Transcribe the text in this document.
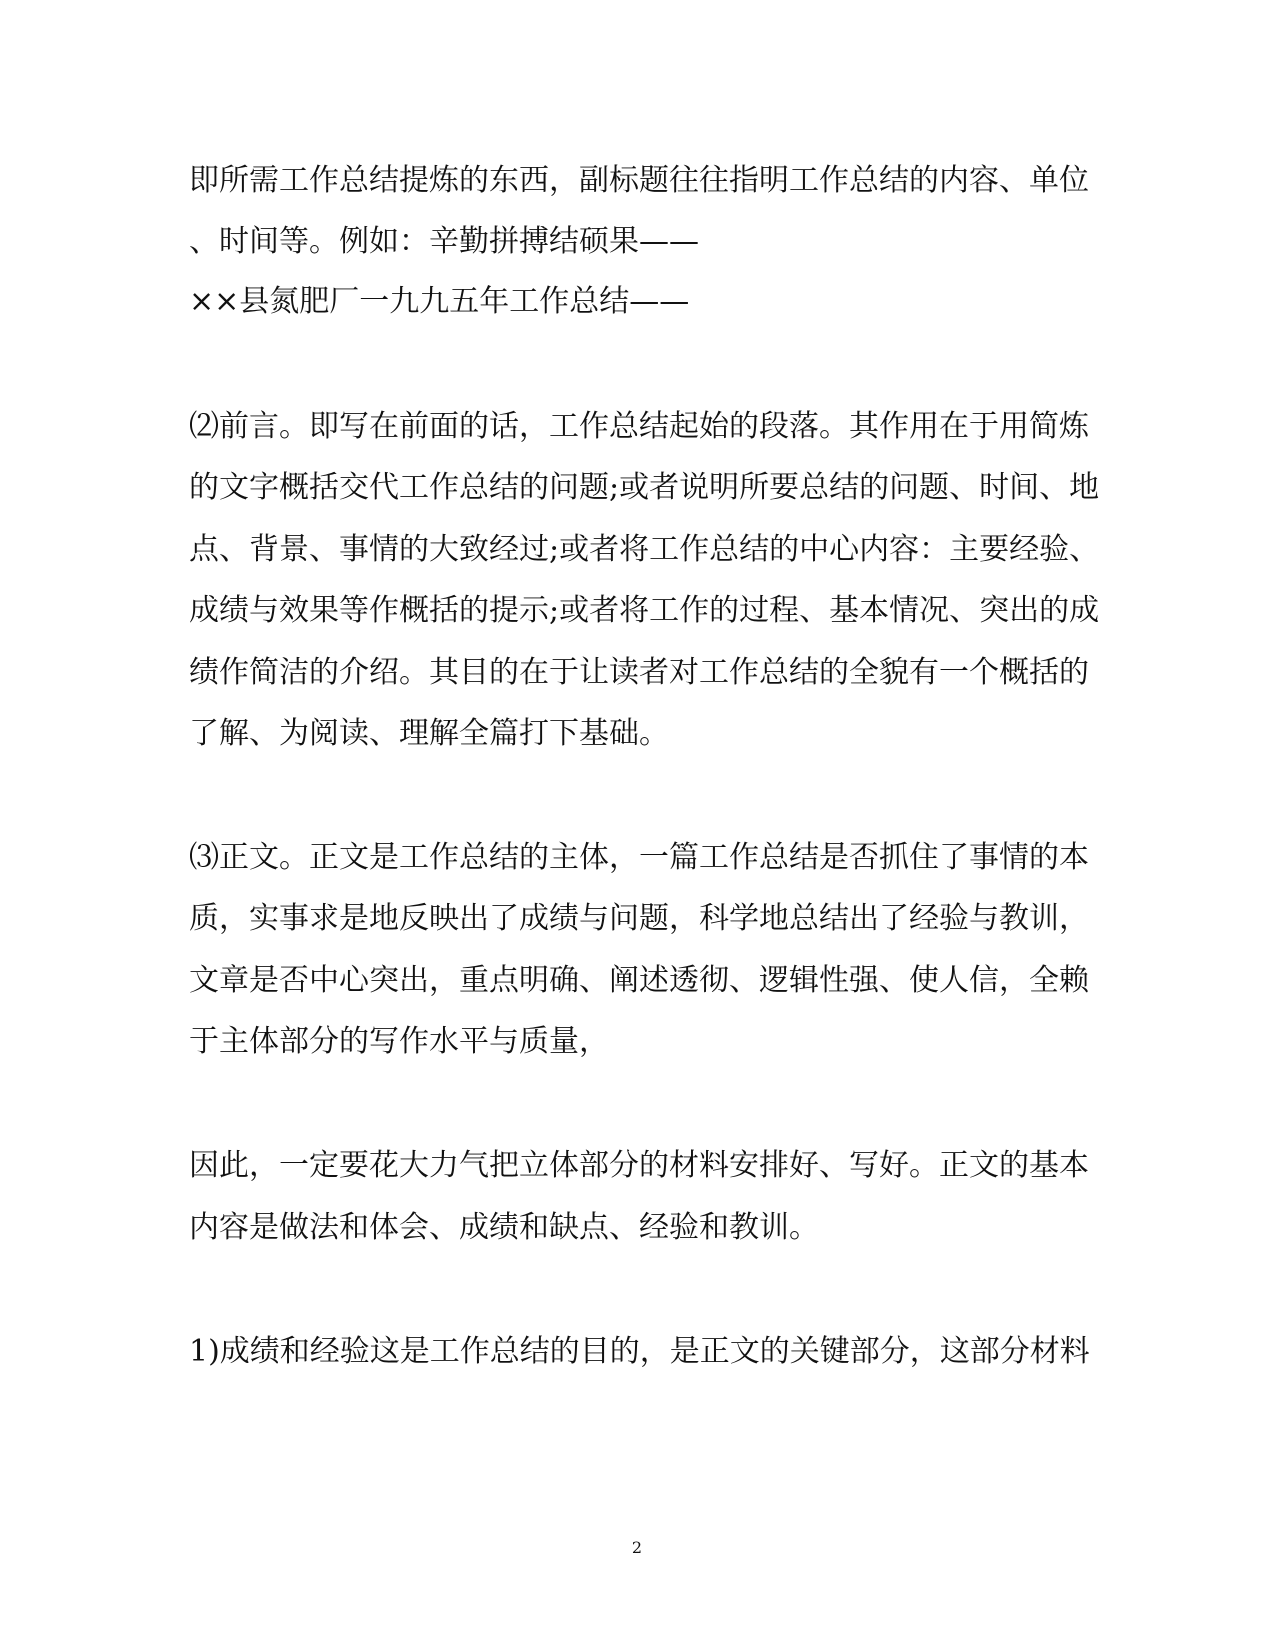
即所需工作总结提炼的东西，副标题往往指明工作总结的内容、单位
、时间等。例如：辛勤拼搏结硕果——
××县氮肥厂一九九五年工作总结——
⑵前言。即写在前面的话，工作总结起始的段落。其作用在于用简炼
的文字概括交代工作总结的问题;或者说明所要总结的问题、时间、地
点、背景、事情的大致经过;或者将工作总结的中心内容：主要经验、
成绩与效果等作概括的提示;或者将工作的过程、基本情况、突出的成
绩作简洁的介绍。其目的在于让读者对工作总结的全貌有一个概括的
了解、为阅读、理解全篇打下基础。
⑶正文。正文是工作总结的主体，一篇工作总结是否抓住了事情的本
质，实事求是地反映出了成绩与问题，科学地总结出了经验与教训，
文章是否中心突出，重点明确、阐述透彻、逻辑性强、使人信，全赖
于主体部分的写作水平与质量，
因此，一定要花大力气把立体部分的材料安排好、写好。正文的基本
内容是做法和体会、成绩和缺点、经验和教训。
1)成绩和经验这是工作总结的目的，是正文的关键部分，这部分材料
2
